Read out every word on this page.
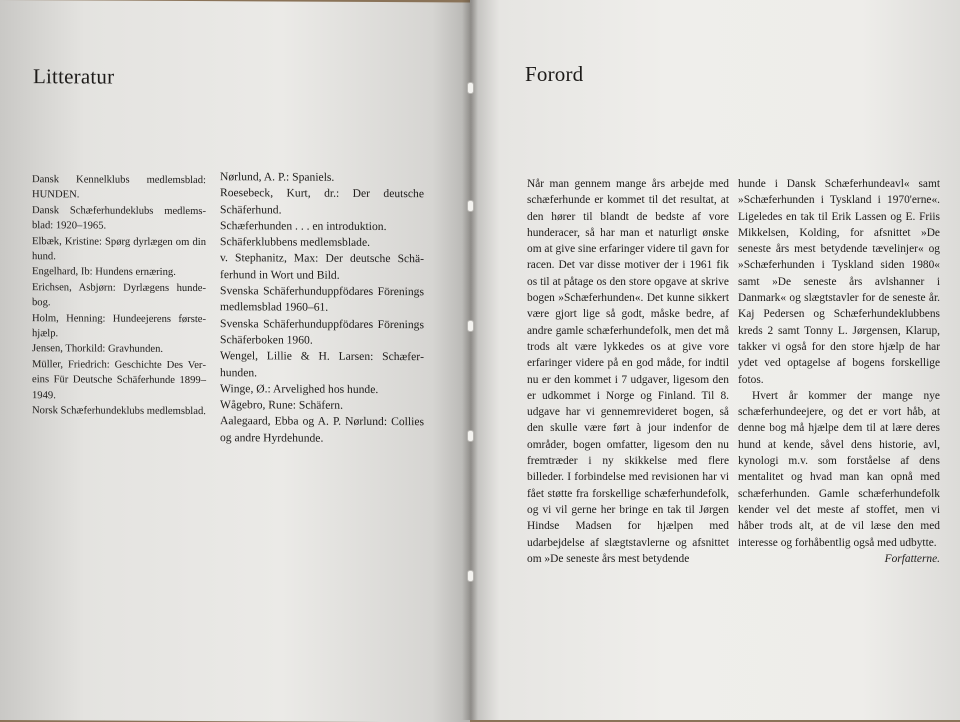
Litteratur
Dansk Kennelklubs medlemsblad: HUNDEN.
Dansk Schæferhundeklubs medlemsblad: 1920–1965.
Elbæk, Kristine: Spørg dyrlægen om din hund.
Engelhard, Ib: Hundens ernæring.
Erichsen, Asbjørn: Dyrlægens hundebog.
Holm, Henning: Hundeejerens førstehjælp.
Jensen, Thorkild: Gravhunden.
Müller, Friedrich: Geschichte Des Vereins Für Deutsche Schäferhunde 1899–1949.
Norsk Schæferhundeklubs medlemsblad.
Nørlund, A. P.: Spaniels.
Roesebeck, Kurt, dr.: Der deutsche Schäferhund.
Schæferhunden . . . en introduktion.
Schäferklubbens medlemsblade.
v. Stephanitz, Max: Der deutsche Schäferhund in Wort und Bild.
Svenska Schäferhunduppfödares Förenings medlemsblad 1960–61.
Svenska Schäferhunduppfödares Förenings Schäferboken 1960.
Wengel, Lillie & H. Larsen: Schæferhunden.
Winge, Ø.: Arvelighed hos hunde.
Wågebro, Rune: Schäfern.
Aalegaard, Ebba og A. P. Nørlund: Collies og andre Hyrdehunde.
Forord

Når man gennem mange års arbejde med schæferhunde er kommet til det resultat, at den hører til blandt de bedste af vore hunderacer, så har man et naturligt ønske om at give sine erfaringer videre til gavn for racen. Det var disse motiver der i 1961 fik os til at påtage os den store opgave at skrive bogen »Schæferhunden«. Det kunne sikkert være gjort lige så godt, måske bedre, af andre gamle schæferhundefolk, men det må trods alt være lykkedes os at give vore erfaringer videre på en god måde, for indtil nu er den kommet i 7 udgaver, ligesom den er udkommet i Norge og Finland. Til 8. udgave har vi gennemrevideret bogen, så den skulle være ført à jour indenfor de områder, bogen omfatter, ligesom den nu fremtræder i ny skikkelse med flere billeder. I forbindelse med revisionen har vi fået støtte fra forskellige schæferhundefolk, og vi vil gerne her bringe en tak til Jørgen Hindse Madsen for hjælpen med udarbejdelse af slægtstavlerne og afsnittet om »De seneste års mest betydende

hunde i Dansk Schæferhundeavl« samt »Schæferhunden i Tyskland i 1970'erne«. Ligeledes en tak til Erik Lassen og E. Friis Mikkelsen, Kolding, for afsnittet »De seneste års mest betydende tævelinjer« og »Schæferhunden i Tyskland siden 1980« samt »De seneste års avlshanner i Danmark« og slægtstavler for de seneste år. Kaj Pedersen og Schæferhundeklubbens kreds 2 samt Tonny L. Jørgensen, Klarup, takker vi også for den store hjælp de har ydet ved optagelse af bogens forskellige fotos.

Hvert år kommer der mange nye schæferhundeejere, og det er vort håb, at denne bog må hjælpe dem til at lære deres hund at kende, såvel dens historie, avl, kynologi m.v. som forståelse af dens mentalitet og hvad man kan opnå med schæferhunden. Gamle schæferhundefolk kender vel det meste af stoffet, men vi håber trods alt, at de vil læse den med interesse og forhåbentlig også med udbytte.

Forfatterne.
